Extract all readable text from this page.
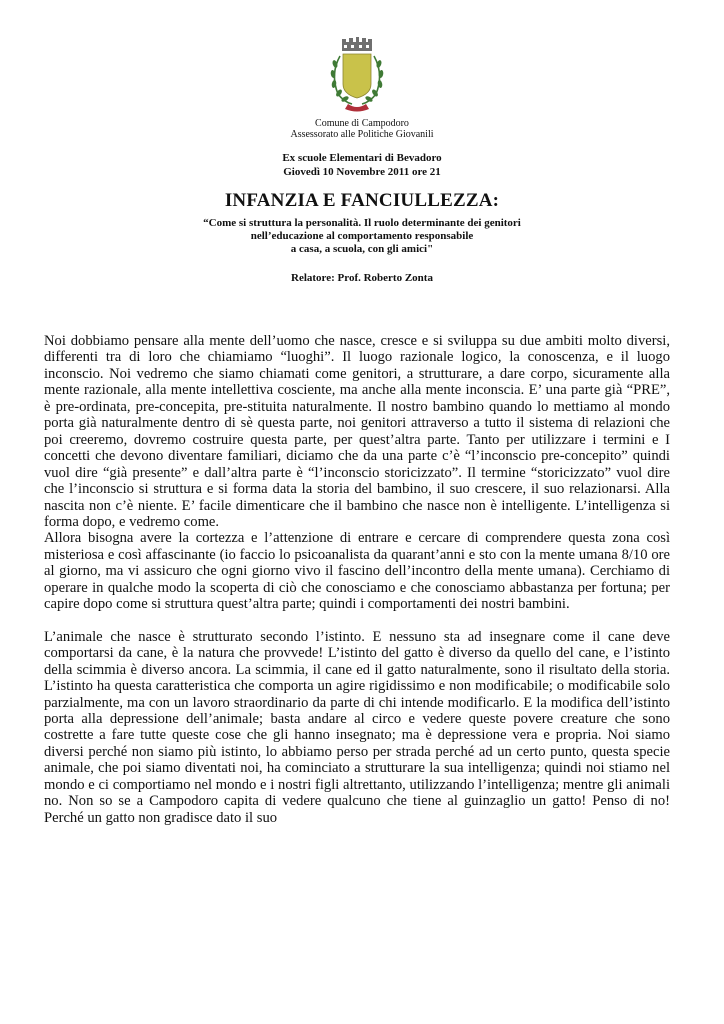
Comune di Campodoro
Assessorato alle Politiche Giovanili
Ex scuole Elementari di Bevadoro
Giovedì 10 Novembre 2011 ore 21
INFANZIA E FANCIULLEZZA:
“Come si struttura la personalità. Il ruolo determinante dei genitori
nell’educazione al comportamento responsabile
a casa, a scuola, con gli amici"
Relatore: Prof. Roberto Zonta

Noi dobbiamo pensare alla mente dell’uomo che nasce, cresce e si sviluppa su due ambiti molto diversi, differenti tra di loro che chiamiamo “luoghi”. Il luogo razionale logico, la conoscenza, e il luogo inconscio. Noi vedremo che siamo chiamati come genitori, a strutturare, a dare corpo, sicuramente alla mente razionale, alla mente intellettiva cosciente, ma anche alla mente inconscia. E’ una parte già “PRE”, è pre-ordinata, pre-concepita, pre-stituita naturalmente. Il nostro bambino quando lo mettiamo al mondo porta già naturalmente dentro di sè questa parte, noi genitori attraverso a tutto il sistema di relazioni che poi creeremo, dovremo costruire questa parte, per quest’altra parte. Tanto per utilizzare i termini e I concetti che devono diventare familiari, diciamo che da una parte c’è “l’inconscio pre-concepito” quindi vuol dire “già presente” e dall’altra parte è “l’inconscio storicizzato”. Il termine “storicizzato” vuol dire che l’inconscio si struttura e si forma data la storia del bambino, il suo crescere, il suo relazionarsi. Alla nascita non c’è niente. E’ facile dimenticare che il bambino che nasce non è intelligente. L’intelligenza si forma dopo, e vedremo come.

Allora bisogna avere la cortezza e l’attenzione di entrare e cercare di comprendere questa zona così misteriosa e così affascinante (io faccio lo psicoanalista da quarant’anni e sto con la mente umana 8/10 ore al giorno, ma vi assicuro che ogni giorno vivo il fascino dell’incontro della mente umana). Cerchiamo di operare in qualche modo la scoperta di ciò che conosciamo e che conosciamo abbastanza per fortuna; per capire dopo come si struttura quest’altra parte; quindi i comportamenti dei nostri bambini.

L’animale che nasce è strutturato secondo l’istinto. E nessuno sta ad insegnare come il cane deve comportarsi da cane, è la natura che provvede! L’istinto del gatto è diverso da quello del cane, e l’istinto della scimmia è diverso ancora. La scimmia, il cane ed il gatto naturalmente, sono il risultato della storia. L’istinto ha questa caratteristica che comporta un agire rigidissimo e non modificabile; o modificabile solo parzialmente, ma con un lavoro straordinario da parte di chi intende modificarlo. E la modifica dell’istinto porta alla depressione dell’animale; basta andare al circo e vedere queste povere creature che sono costrette a fare tutte queste cose che gli hanno insegnato; ma è depressione vera e propria. Noi siamo diversi perché non siamo più istinto, lo abbiamo perso per strada perché ad un certo punto, questa specie animale, che poi siamo diventati noi, ha cominciato a strutturare la sua intelligenza; quindi noi stiamo nel mondo e ci comportiamo nel mondo e i nostri figli altrettanto, utilizzando l’intelligenza; mentre gli animali no. Non so se a Campodoro capita di vedere qualcuno che tiene al guinzaglio un gatto! Penso di no! Perché un gatto non gradisce dato il suo
